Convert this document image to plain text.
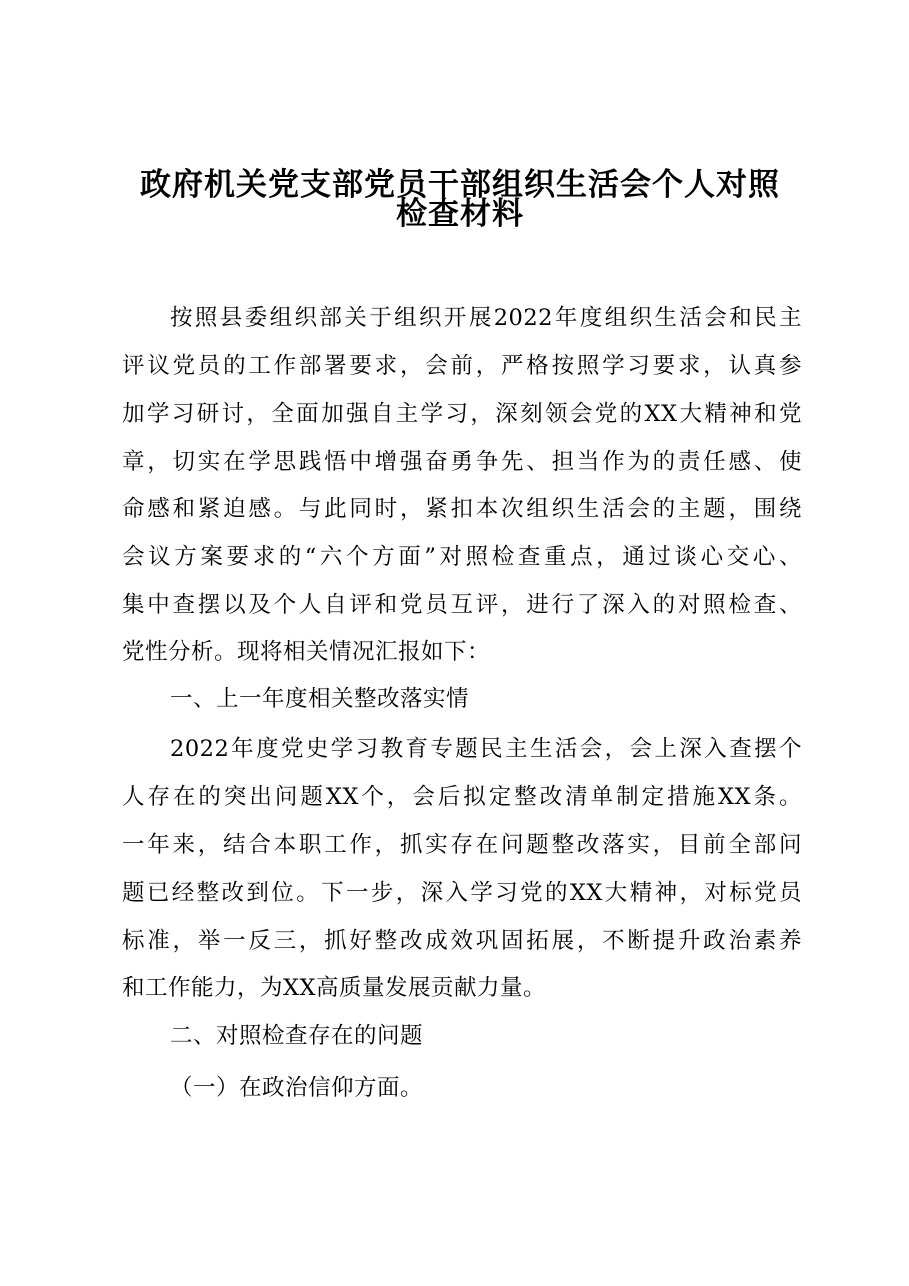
政府机关党支部党员干部组织生活会个人对照
检查材料
按照县委组织部关于组织开展2022年度组织生活会和民主
评议党员的工作部署要求，会前，严格按照学习要求，认真参
加学习研讨，全面加强自主学习，深刻领会党的XX大精神和党
章，切实在学思践悟中增强奋勇争先、担当作为的责任感、使
命感和紧迫感。与此同时，紧扣本次组织生活会的主题，围绕
会议方案要求的“六个方面”对照检查重点，通过谈心交心、
集中查摆以及个人自评和党员互评，进行了深入的对照检查、
党性分析。现将相关情况汇报如下：
一、上一年度相关整改落实情
2022年度党史学习教育专题民主生活会，会上深入查摆个
人存在的突出问题XX个，会后拟定整改清单制定措施XX条。
一年来，结合本职工作，抓实存在问题整改落实，目前全部问
题已经整改到位。下一步，深入学习党的XX大精神，对标党员
标准，举一反三，抓好整改成效巩固拓展，不断提升政治素养
和工作能力，为XX高质量发展贡献力量。
二、对照检查存在的问题
（一）在政治信仰方面。
